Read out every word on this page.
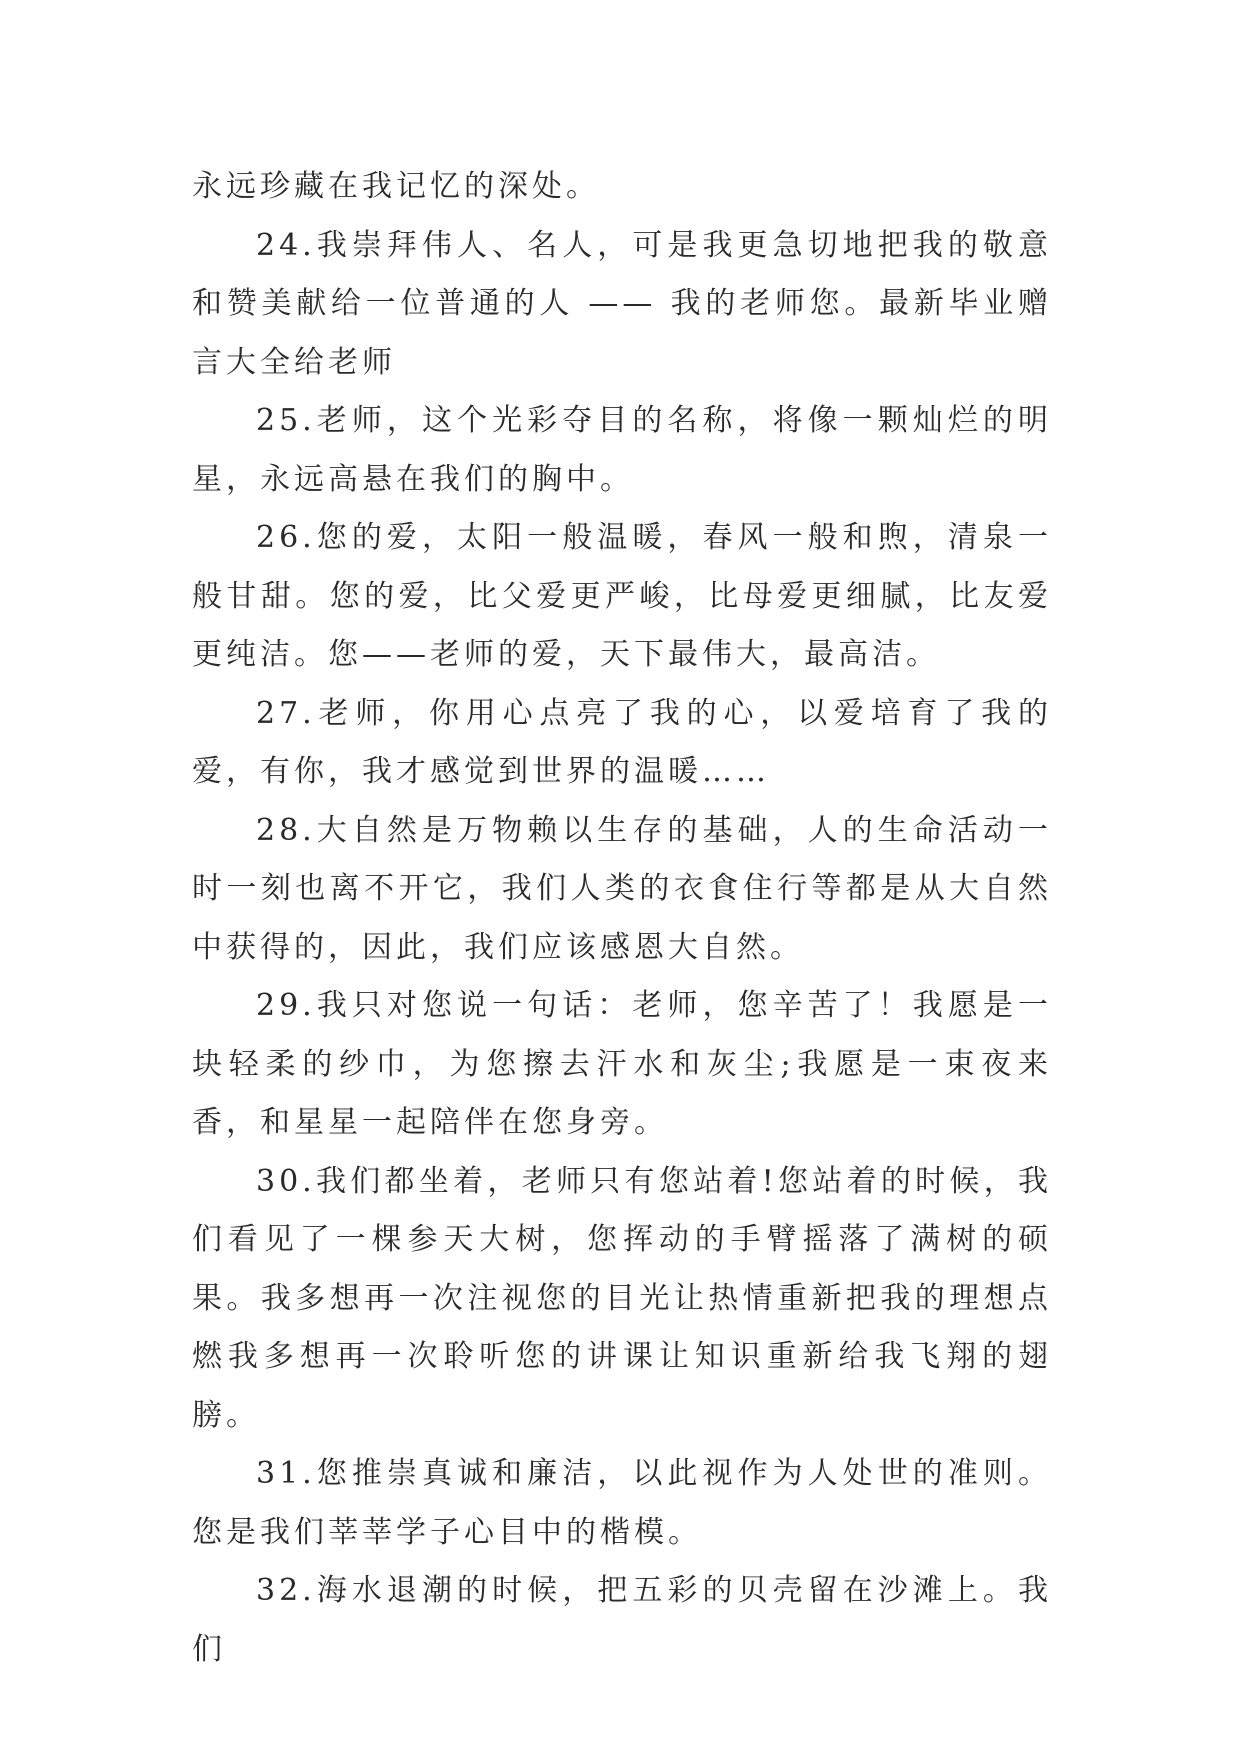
永远珍藏在我记忆的深处。

24.我崇拜伟人、名人，可是我更急切地把我的敬意和赞美献给一位普通的人 —— 我的老师您。最新毕业赠言大全给老师

25.老师，这个光彩夺目的名称，将像一颗灿烂的明星，永远高悬在我们的胸中。

26.您的爱，太阳一般温暖，春风一般和煦，清泉一般甘甜。您的爱，比父爱更严峻，比母爱更细腻，比友爱更纯洁。您——老师的爱，天下最伟大，最高洁。

27.老师，你用心点亮了我的心，以爱培育了我的爱，有你，我才感觉到世界的温暖……

28.大自然是万物赖以生存的基础，人的生命活动一时一刻也离不开它，我们人类的衣食住行等都是从大自然中获得的，因此，我们应该感恩大自然。

29.我只对您说一句话：老师，您辛苦了！我愿是一块轻柔的纱巾，为您擦去汗水和灰尘;我愿是一束夜来香，和星星一起陪伴在您身旁。

30.我们都坐着，老师只有您站着!您站着的时候，我们看见了一棵参天大树，您挥动的手臂摇落了满树的硕果。我多想再一次注视您的目光让热情重新把我的理想点燃我多想再一次聆听您的讲课让知识重新给我飞翔的翅膀。

31.您推崇真诚和廉洁，以此视作为人处世的准则。您是我们莘莘学子心目中的楷模。

32.海水退潮的时候，把五彩的贝壳留在沙滩上。我们
